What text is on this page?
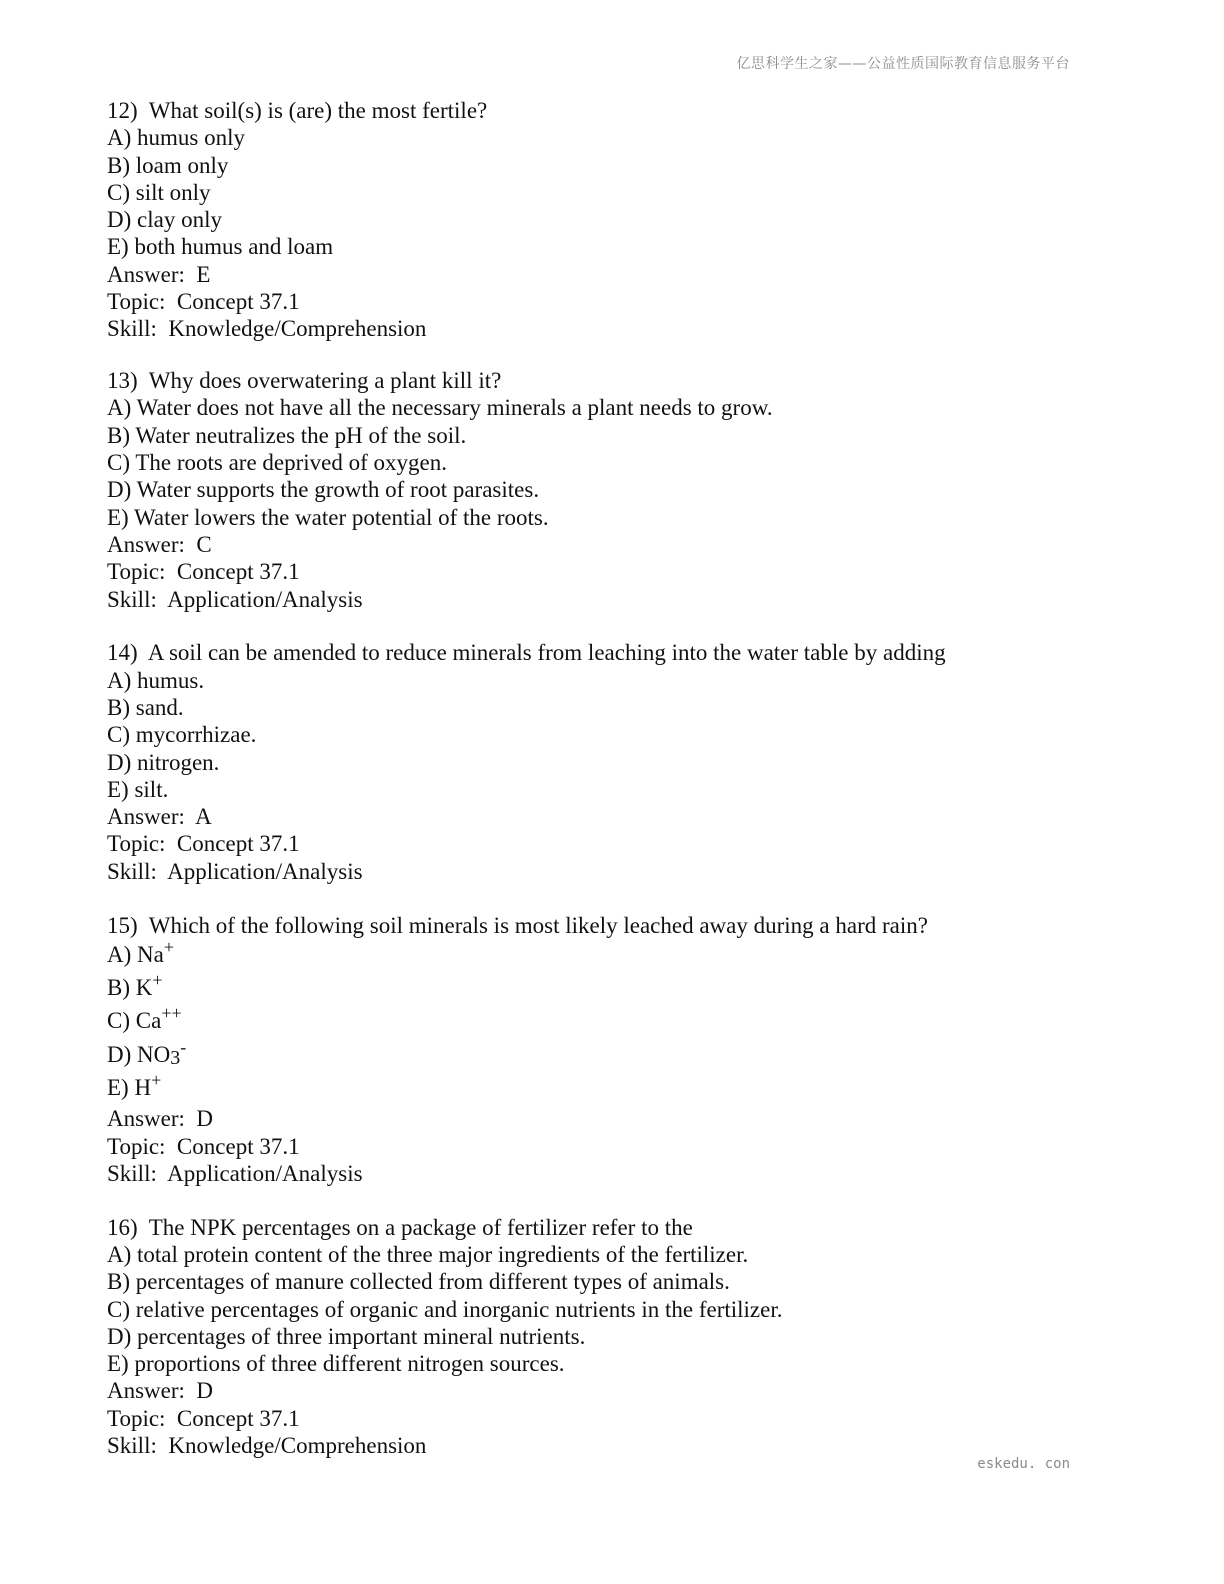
亿思科学生之家——公益性质国际教育信息服务平台
12)  What soil(s) is (are) the most fertile?
A) humus only
B) loam only
C) silt only
D) clay only
E) both humus and loam
Answer:  E
Topic:  Concept 37.1
Skill:  Knowledge/Comprehension
13)  Why does overwatering a plant kill it?
A) Water does not have all the necessary minerals a plant needs to grow.
B) Water neutralizes the pH of the soil.
C) The roots are deprived of oxygen.
D) Water supports the growth of root parasites.
E) Water lowers the water potential of the roots.
Answer:  C
Topic:  Concept 37.1
Skill:  Application/Analysis
14)  A soil can be amended to reduce minerals from leaching into the water table by adding
A) humus.
B) sand.
C) mycorrhizae.
D) nitrogen.
E) silt.
Answer:  A
Topic:  Concept 37.1
Skill:  Application/Analysis
15)  Which of the following soil minerals is most likely leached away during a hard rain?
A) Na+
B) K+
C) Ca++
D) $NO_3^-$
E) H+
Answer:  D
Topic:  Concept 37.1
Skill:  Application/Analysis
16)  The NPK percentages on a package of fertilizer refer to the
A) total protein content of the three major ingredients of the fertilizer.
B) percentages of manure collected from different types of animals.
C) relative percentages of organic and inorganic nutrients in the fertilizer.
D) percentages of three important mineral nutrients.
E) proportions of three different nitrogen sources.
Answer:  D
Topic:  Concept 37.1
Skill:  Knowledge/Comprehension
eskedu. con
